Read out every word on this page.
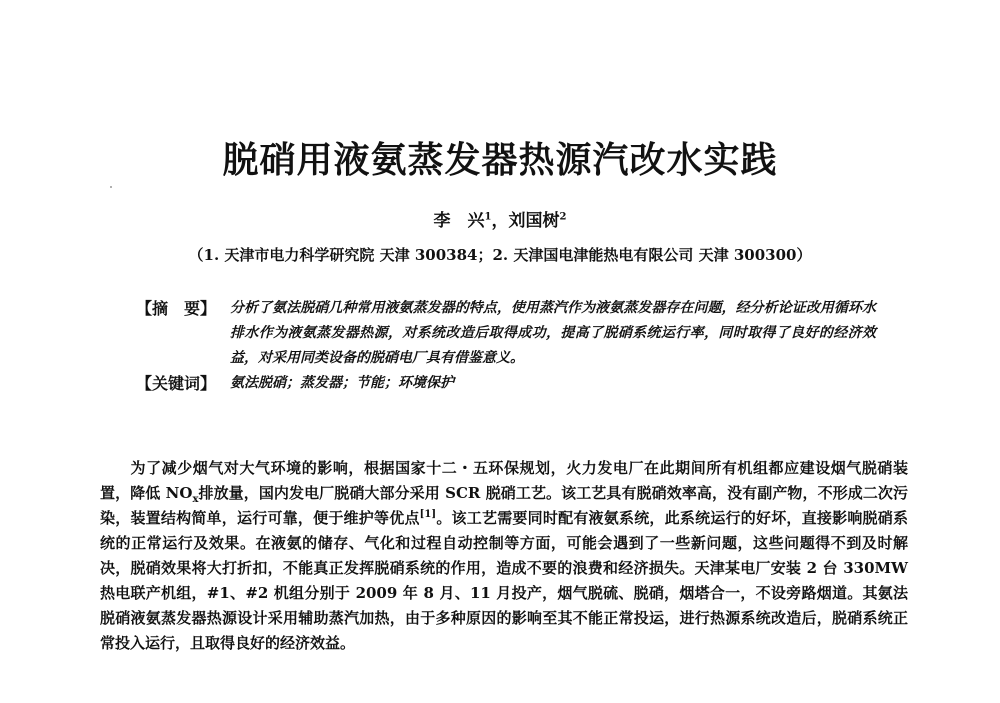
脱硝用液氨蒸发器热源汽改水实践
李　兴$^1$，刘国树$^2$
（1. 天津市电力科学研究院 天津 300384；2. 天津国电津能热电有限公司 天津 300300）
【摘　要】 分析了氨法脱硝几种常用液氨蒸发器的特点，使用蒸汽作为液氨蒸发器存在问题，经分析论证改用循环水排水作为液氨蒸发器热源，对系统改造后取得成功，提高了脱硝系统运行率，同时取得了良好的经济效益，对采用同类设备的脱硝电厂具有借鉴意义。
【关键词】 氨法脱硝；蒸发器；节能；环境保护
为了减少烟气对大气环境的影响，根据国家十二・五环保规划，火力发电厂在此期间所有机组都应建设烟气脱硝装置，降低 $NO_x$排放量，国内发电厂脱硝大部分采用 SCR 脱硝工艺。该工艺具有脱硝效率高，没有副产物，不形成二次污染，装置结构简单，运行可靠，便于维护等优点[1]。该工艺需要同时配有液氨系统，此系统运行的好坏，直接影响脱硝系统的正常运行及效果。在液氨的储存、气化和过程自动控制等方面，可能会遇到了一些新问题，这些问题得不到及时解决，脱硝效果将大打折扣，不能真正发挥脱硝系统的作用，造成不要的浪费和经济损失。天津某电厂安装 2 台 330MW 热电联产机组，#1、#2 机组分别于 2009 年 8 月、11 月投产，烟气脱硫、脱硝，烟塔合一，不设旁路烟道。其氨法脱硝液氨蒸发器热源设计采用辅助蒸汽加热，由于多种原因的影响至其不能正常投运，进行热源系统改造后，脱硝系统正常投入运行，且取得良好的经济效益。
